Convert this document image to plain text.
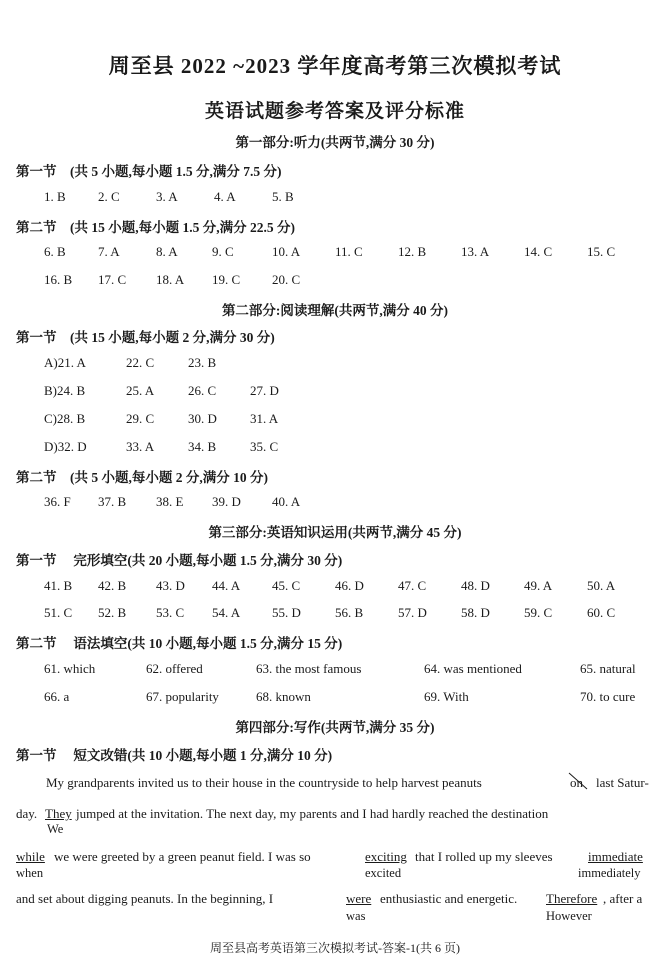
周至县 2022 ~2023 学年度高考第三次模拟考试
英语试题参考答案及评分标准
第一部分:听力(共两节,满分 30 分)
第一节　(共 5 小题,每小题 1.5 分,满分 7.5 分)
1. B 2. C	3. A	4. A	5. B
第二节　(共 15 小题,每小题 1.5 分,满分 22.5 分)
6. B 7. A	8. A	9. C	10. A	11. C	12. B	13. A	14. C	15. C
16. B 17. C 18. A 19. C 20. C
第二部分:阅读理解(共两节,满分 40 分)
第一节　(共 15 小题,每小题 2 分,满分 30 分)
A)21. A	22. C	23. B
B)24. B	25. A	26. C	27. D
C)28. B	29. C	30. D	31. A
D)32. D	33. A	34. B	35. C
第二节　(共 5 小题,每小题 2 分,满分 10 分)
36. F 37. B 38. E 39. D 40. A
第三部分:英语知识运用(共两节,满分 45 分)
第一节　 完形填空(共 20 小题,每小题 1.5 分,满分 30 分)
41. B 42. B 43. D 44. A 45. C	46. D	47. C	48. D	49. A	50. A
51. C 52. B 53. C 54. A 55. D	56. B	57. D	58. D	59. C	60. C
第二节　 语法填空(共 10 小题,每小题 1.5 分,满分 15 分)
61. which	62. offered	63. the most famous	64. was mentioned	65. natural
66. a	67. popularity	68. known	69. With	70. to cure
第四部分:写作(共两节,满分 35 分)
第一节　 短文改错(共 10 小题,每小题 1 分,满分 10 分)
My grandparents invited us to their house in the countryside to help harvest peanuts	on last Satur-
day. They jumped at the invitation. The next day, my parents and I had hardly reached the destination
We
while we were greeted by a green peanut field. I was so	exciting that I rolled up my sleeves	immediate
when	excited	immediately
and set about digging peanuts. In the beginning, I	were enthusiastic and energetic. Therefore , after a
was	However
周至县高考英语第三次模拟考试-答案-1(共 6 页)
